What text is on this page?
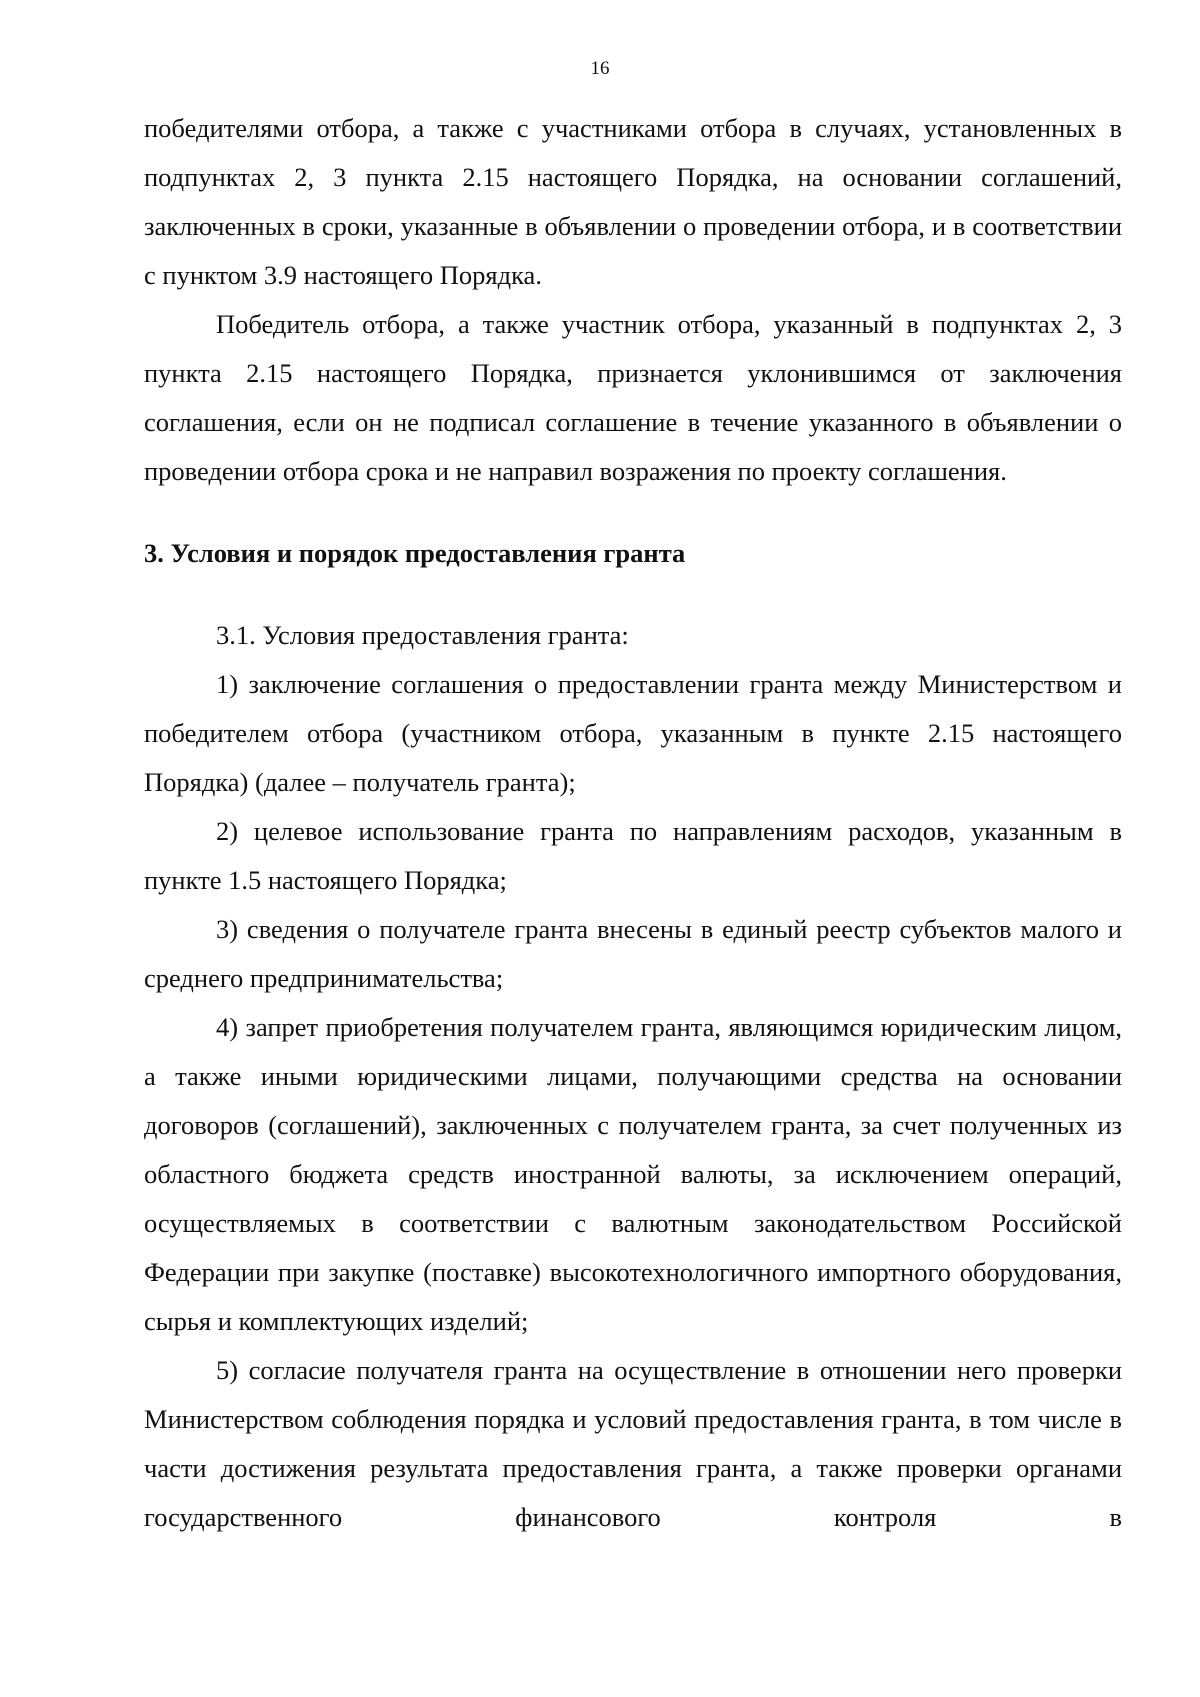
16

победителями отбора, а также с участниками отбора в случаях, установленных в подпунктах 2, 3 пункта 2.15 настоящего Порядка, на основании соглашений, заключенных в сроки, указанные в объявлении о проведении отбора, и в соответствии с пунктом 3.9 настоящего Порядка.

Победитель отбора, а также участник отбора, указанный в подпунктах 2, 3 пункта 2.15 настоящего Порядка, признается уклонившимся от заключения соглашения, если он не подписал соглашение в течение указанного в объявлении о проведении отбора срока и не направил возражения по проекту соглашения.

3. Условия и порядок предоставления гранта

3.1. Условия предоставления гранта:

1) заключение соглашения о предоставлении гранта между Министерством и победителем отбора (участником отбора, указанным в пункте 2.15 настоящего Порядка) (далее – получатель гранта);

2) целевое использование гранта по направлениям расходов, указанным в пункте 1.5 настоящего Порядка;

3) сведения о получателе гранта внесены в единый реестр субъектов малого и среднего предпринимательства;

4) запрет приобретения получателем гранта, являющимся юридическим лицом, а также иными юридическими лицами, получающими средства на основании договоров (соглашений), заключенных с получателем гранта, за счет полученных из областного бюджета средств иностранной валюты, за исключением операций, осуществляемых в соответствии с валютным законодательством Российской Федерации при закупке (поставке) высокотехнологичного импортного оборудования, сырья и комплектующих изделий;

5) согласие получателя гранта на осуществление в отношении него проверки Министерством соблюдения порядка и условий предоставления гранта, в том числе в части достижения результата предоставления гранта, а также проверки органами государственного финансового контроля в
